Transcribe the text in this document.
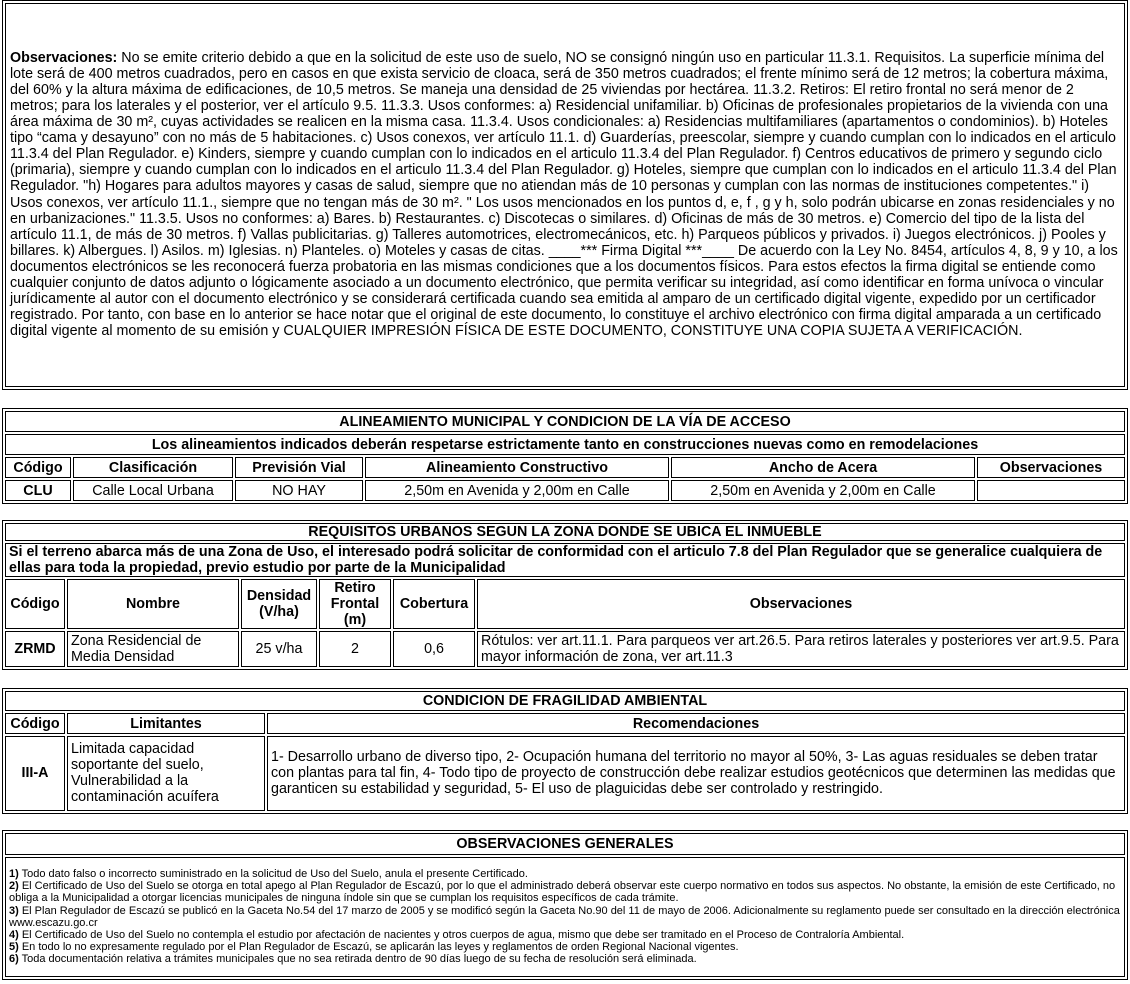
Observaciones: No se emite criterio debido a que en la solicitud de este uso de suelo, NO se consignó ningún uso en particular 11.3.1. Requisitos. La superficie mínima del lote será de 400 metros cuadrados, pero en casos en que exista servicio de cloaca, será de 350 metros cuadrados; el frente mínimo será de 12 metros; la cobertura máxima, del 60% y la altura máxima de edificaciones, de 10,5 metros. Se maneja una densidad de 25 viviendas por hectárea. 11.3.2. Retiros: El retiro frontal no será menor de 2 metros; para los laterales y el posterior, ver el artículo 9.5. 11.3.3. Usos conformes: a) Residencial unifamiliar. b) Oficinas de profesionales propietarios de la vivienda con una área máxima de 30 m², cuyas actividades se realicen en la misma casa. 11.3.4. Usos condicionales: a) Residencias multifamiliares (apartamentos o condominios). b) Hoteles tipo “cama y desayuno” con no más de 5 habitaciones. c) Usos conexos, ver artículo 11.1. d) Guarderías, preescolar, siempre y cuando cumplan con lo indicados en el articulo 11.3.4 del Plan Regulador. e) Kinders, siempre y cuando cumplan con lo indicados en el articulo 11.3.4 del Plan Regulador. f) Centros educativos de primero y segundo ciclo (primaria), siempre y cuando cumplan con lo indicados en el articulo 11.3.4 del Plan Regulador. g) Hoteles, siempre que cumplan con lo indicados en el articulo 11.3.4 del Plan Regulador. "h) Hogares para adultos mayores y casas de salud, siempre que no atiendan más de 10 personas y cumplan con las normas de instituciones competentes." i) Usos conexos, ver artículo 11.1., siempre que no tengan más de 30 m². " Los usos mencionados en los puntos d, e, f , g y h, solo podrán ubicarse en zonas residenciales y no en urbanizaciones." 11.3.5. Usos no conformes: a) Bares. b) Restaurantes. c) Discotecas o similares. d) Oficinas de más de 30 metros. e) Comercio del tipo de la lista del artículo 11.1, de más de 30 metros. f) Vallas publicitarias. g) Talleres automotrices, electromecánicos, etc. h) Parqueos públicos y privados. i) Juegos electrónicos. j) Pooles y billares. k) Albergues. l) Asilos. m) Iglesias. n) Planteles. o) Moteles y casas de citas. ____*** Firma Digital ***____ De acuerdo con la Ley No. 8454, artículos 4, 8, 9 y 10, a los documentos electrónicos se les reconocerá fuerza probatoria en las mismas condiciones que a los documentos físicos. Para estos efectos la firma digital se entiende como cualquier conjunto de datos adjunto o lógicamente asociado a un documento electrónico, que permita verificar su integridad, así como identificar en forma unívoca o vincular jurídicamente al autor con el documento electrónico y se considerará certificada cuando sea emitida al amparo de un certificado digital vigente, expedido por un certificador registrado. Por tanto, con base en lo anterior se hace notar que el original de este documento, lo constituye el archivo electrónico con firma digital amparada a un certificado digital vigente al momento de su emisión y CUALQUIER IMPRESIÓN FÍSICA DE ESTE DOCUMENTO, CONSTITUYE UNA COPIA SUJETA A VERIFICACIÓN.
ALINEAMIENTO MUNICIPAL Y CONDICION DE LA VÍA DE ACCESO					
Los alineamientos indicados deberán respetarse estrictamente tanto en construcciones nuevas como en remodelaciones					
Código	Clasificación	Previsión Vial	Alineamiento Constructivo	Ancho de Acera	Observaciones
CLU	Calle Local Urbana	NO HAY	2,50m en Avenida y 2,00m en Calle	2,50m en Avenida y 2,00m en Calle	
REQUISITOS URBANOS SEGUN LA ZONA DONDE SE UBICA EL INMUEBLE					
Si el terreno abarca más de una Zona de Uso, el interesado podrá solicitar de conformidad con el articulo 7.8 del Plan Regulador que se generalice cualquiera de ellas para toda la propiedad, previo estudio por parte de la Municipalidad					
Código	Nombre	Densidad (V/ha)	Retiro Frontal (m)	Cobertura	Observaciones
ZRMD	Zona Residencial de Media Densidad	25 v/ha	2	0,6	Rótulos: ver art.11.1. Para parqueos ver art.26.5. Para retiros laterales y posteriores ver art.9.5. Para mayor información de zona, ver art.11.3
CONDICION DE FRAGILIDAD AMBIENTAL		
Código	Limitantes	Recomendaciones
III-A	Limitada capacidad soportante del suelo, Vulnerabilidad a la contaminación acuífera	1- Desarrollo urbano de diverso tipo, 2- Ocupación humana del territorio no mayor al 50%, 3- Las aguas residuales se deben tratar con plantas para tal fin, 4- Todo tipo de proyecto de construcción debe realizar estudios geotécnicos que determinen las medidas que garanticen su estabilidad y seguridad, 5- El uso de plaguicidas debe ser controlado y restringido.
OBSERVACIONES GENERALES

1) Todo dato falso o incorrecto suministrado en la solicitud de Uso del Suelo, anula el presente Certificado.
2) El Certificado de Uso del Suelo se otorga en total apego al Plan Regulador de Escazú, por lo que el administrado deberá observar este cuerpo normativo en todos sus aspectos. No obstante, la emisión de este Certificado, no obliga a la Municipalidad a otorgar licencias municipales de ninguna índole sin que se cumplan los requisitos específicos de cada trámite.
3) El Plan Regulador de Escazú se publicó en la Gaceta No.54 del 17 marzo de 2005 y se modificó según la Gaceta No.90 del 11 de mayo de 2006. Adicionalmente su reglamento puede ser consultado en la dirección electrónica www.escazu.go.cr
4) El Certificado de Uso del Suelo no contempla el estudio por afectación de nacientes y otros cuerpos de agua, mismo que debe ser tramitado en el Proceso de Contraloría Ambiental.
5) En todo lo no expresamente regulado por el Plan Regulador de Escazú, se aplicarán las leyes y reglamentos de orden Regional Nacional vigentes.
6) Toda documentación relativa a trámites municipales que no sea retirada dentro de 90 días luego de su fecha de resolución será eliminada.
